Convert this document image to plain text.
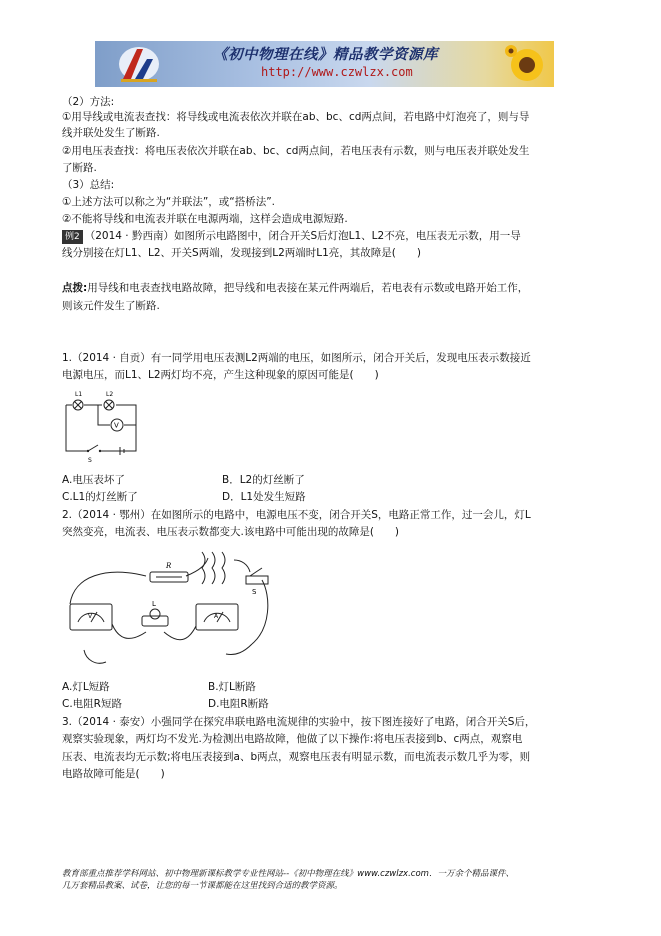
《初中物理在线》精品教学资源库
http://www.czwlzx.com
（2）方法:
①用导线或电流表查找：将导线或电流表依次并联在ab、bc、cd两点间，若电路中灯泡亮了，则与导
线并联处发生了断路.
②用电压表查找：将电压表依次并联在ab、bc、cd两点间，若电压表有示数，则与电压表并联处发生
了断路.
（3）总结:
①上述方法可以称之为“并联法”，或“搭桥法”.
②不能将导线和电流表并联在电源两端，这样会造成电源短路.
例2 （2014 · 黔西南）如图所示电路图中，闭合开关S后灯泡L1、L2不亮，电压表无示数，用一导
线分别接在灯L1、L2、开关S两端，发现接到L2两端时L1亮，其故障是(　　)
点拨:用导线和电表查找电路故障，把导线和电表接在某元件两端后，若电表有示数或电路开始工作，
则该元件发生了断路.
1.（2014 · 自贡）有一同学用电压表测L2两端的电压，如图所示，闭合开关后，发现电压表示数接近
电源电压，而L1、L2两灯均不亮，产生这种现象的原因可能是(　　)
L1	L2
V
S
A.电压表坏了	B．L2的灯丝断了
C.L1的灯丝断了	D．L1处发生短路
2.（2014 · 鄂州）在如图所示的电路中，电源电压不变，闭合开关S，电路正常工作，过一会儿，灯L
突然变亮，电流表、电压表示数都变大.该电路中可能出现的故障是(　　)
R
S
L
V	A
A.灯L短路	B.灯L断路
C.电阻R短路	D.电阻R断路
3.（2014 · 泰安）小强同学在探究串联电路电流规律的实验中，按下图连接好了电路，闭合开关S后，
观察实验现象，两灯均不发光.为检测出电路故障，他做了以下操作:将电压表接到b、c两点，观察电
压表、电流表均无示数;将电压表接到a、b两点，观察电压表有明显示数，而电流表示数几乎为零，则
电路故障可能是(　　)
教育部重点推荐学科网站、初中物理新课标教学专业性网站--《初中物理在线》www.czwlzx.com．一万余个精品课件、
几万套精品教案、试卷，让您的每一节课都能在这里找到合适的教学资源。
